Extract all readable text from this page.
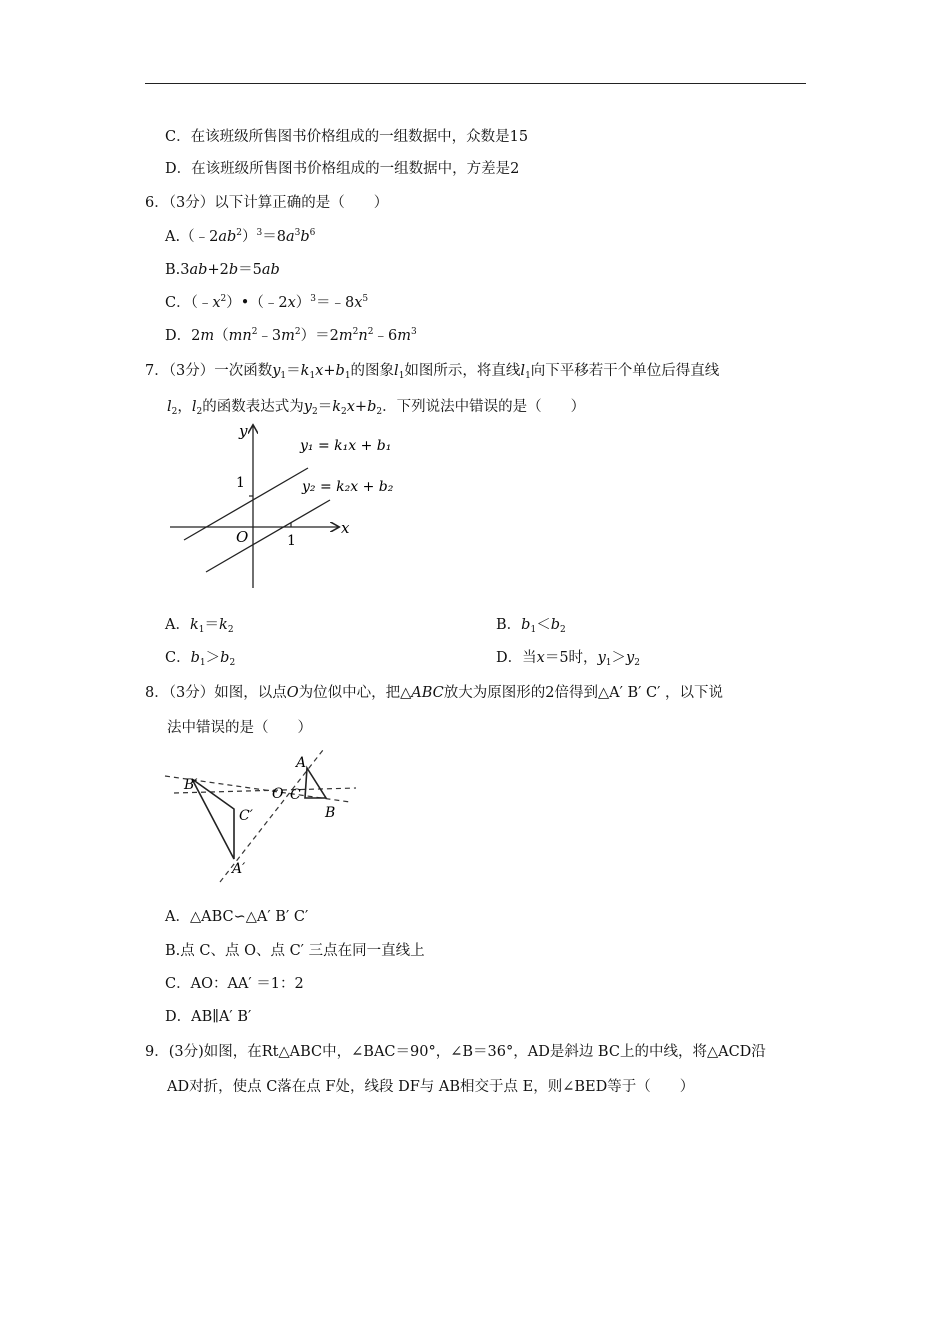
C．在该班级所售图书价格组成的一组数据中，众数是15
D．在该班级所售图书价格组成的一组数据中，方差是2
6．（3分）以下计算正确的是（　　）
$A.(﹣2ab^2)^3=8a^3b^6$
B.3ab+2b＝5ab
C．$(﹣x^2)•(﹣2x)^3=﹣8x^5$
D．$2m(mn^2﹣3m^2)=2m^2n^2﹣6m^3$
7．（3分）一次函数$y_1=k_1x+b_1$的图象$l_1$如图所示，将直线$l_1$向下平移若干个单位后得直线
$l_2$，$l_2$的函数表达式为$y_2=k_2x+b_2$．下列说法中错误的是（　　）
y
x
O
1
1
y₁ = k₁x + b₁
y₂ = k₂x + b₂
A．$k_1=k_2$	B．$b_1<b_2$
C．$b_1>b_2$	D．当x＝5时，$y_1>y_2$
8．（3分）如图，以点O为位似中心，把△ABC放大为原图形的2倍得到△A′ B′ C′ ，以下说
法中错误的是（　　）
B′
C′
A′
O C
A
B
A．△ABC∽△A′ B′ C′
B.点 C、点 O、点 C′ 三点在同一直线上
C．AO：AA′ ＝1：2
D．AB∥A′ B′
9．(3分)如图，在Rt△ABC中，∠BAC＝90°，∠B＝36°，AD是斜边 BC上的中线，将△ACD沿
AD对折，使点 C落在点 F处，线段 DF与 AB相交于点 E，则∠BED等于（　　）
